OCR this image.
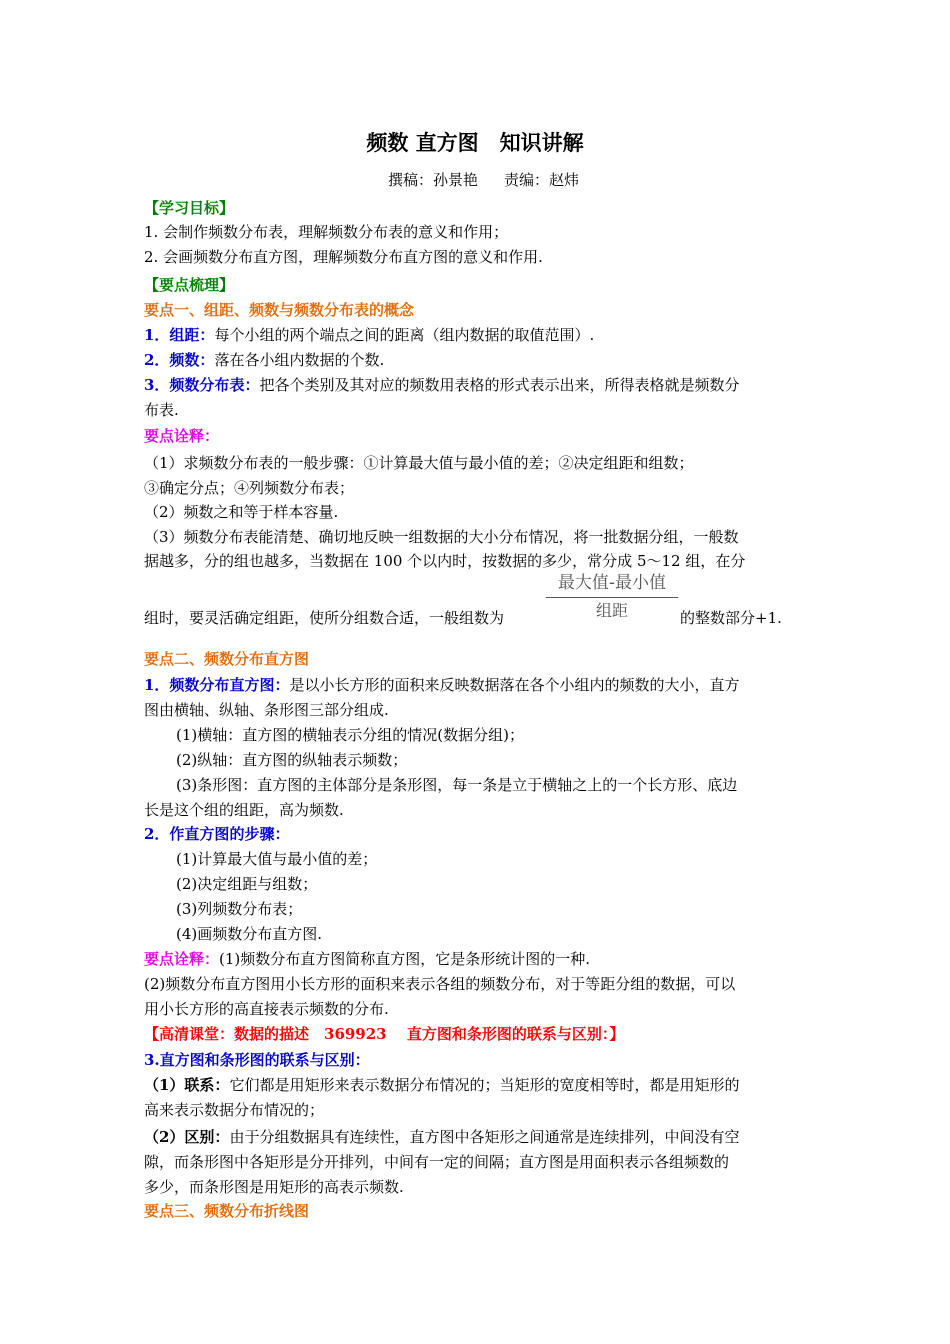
频数 直方图　知识讲解
撰稿：孙景艳 责编：赵炜
【学习目标】
1. 会制作频数分布表，理解频数分布表的意义和作用；
2. 会画频数分布直方图，理解频数分布直方图的意义和作用.
【要点梳理】
要点一、组距、频数与频数分布表的概念
1．组距：每个小组的两个端点之间的距离（组内数据的取值范围）.
2．频数：落在各小组内数据的个数.
3．频数分布表：把各个类别及其对应的频数用表格的形式表示出来，所得表格就是频数分
布表.
要点诠释：
（1）求频数分布表的一般步骤：①计算最大值与最小值的差；②决定组距和组数；
③确定分点；④列频数分布表；
（2）频数之和等于样本容量.
（3）频数分布表能清楚、确切地反映一组数据的大小分布情况，将一批数据分组，一般数
据越多，分的组也越多，当数据在 100 个以内时，按数据的多少，常分成 5～12 组，在分
组时，要灵活确定组距，使所分组数合适，一般组数为
最大值-最小值
组距	的整数部分+1.
要点二、频数分布直方图
1．频数分布直方图：是以小长方形的面积来反映数据落在各个小组内的频数的大小，直方
图由横轴、纵轴、条形图三部分组成.
(1)横轴：直方图的横轴表示分组的情况(数据分组)；
(2)纵轴：直方图的纵轴表示频数；
(3)条形图：直方图的主体部分是条形图，每一条是立于横轴之上的一个长方形、底边
长是这个组的组距，高为频数.
2．作直方图的步骤：
(1)计算最大值与最小值的差；
(2)决定组距与组数；
(3)列频数分布表；
(4)画频数分布直方图.
要点诠释：(1)频数分布直方图简称直方图，它是条形统计图的一种.
(2)频数分布直方图用小长方形的面积来表示各组的频数分布，对于等距分组的数据，可以
用小长方形的高直接表示频数的分布.
【高清课堂：数据的描述　369923　 直方图和条形图的联系与区别：】
3.直方图和条形图的联系与区别：
（1）联系：它们都是用矩形来表示数据分布情况的；当矩形的宽度相等时，都是用矩形的
高来表示数据分布情况的；
（2）区别：由于分组数据具有连续性，直方图中各矩形之间通常是连续排列，中间没有空
隙，而条形图中各矩形是分开排列，中间有一定的间隔；直方图是用面积表示各组频数的
多少，而条形图是用矩形的高表示频数.
要点三、频数分布折线图
